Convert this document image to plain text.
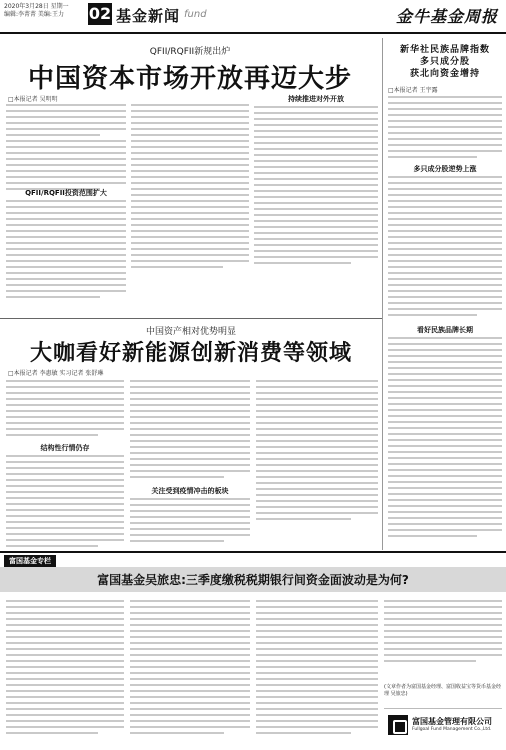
2020年3月28日 星期一
编辑:李菁菁 美编:王力	02 基金新闻 fund	金牛基金周报
QFII/RQFII新规出炉
中国资本市场开放再迈大步
□本报记者 吴明明
QFII/RQFII投资范围扩大
持续推进对外开放
新华社民族品牌指数
多只成分股
获北向资金增持
□本报记者 王宇露
多只成分股逆势上涨
看好民族品牌长期
中国资产相对优势明显
大咖看好新能源创新消费等领域
□本报记者 李惠敏 实习记者 张舒琳
结构性行情仍存
关注受到疫情冲击的板块
富国基金专栏
富国基金吴旅忠:三季度缴税税期银行间资金面波动是为何?
(文章作者为富国基金经理、富国收益宝等货币基金经理 吴旅忠)
富国基金管理有限公司
Fullgoal Fund Management Co.,Ltd.
